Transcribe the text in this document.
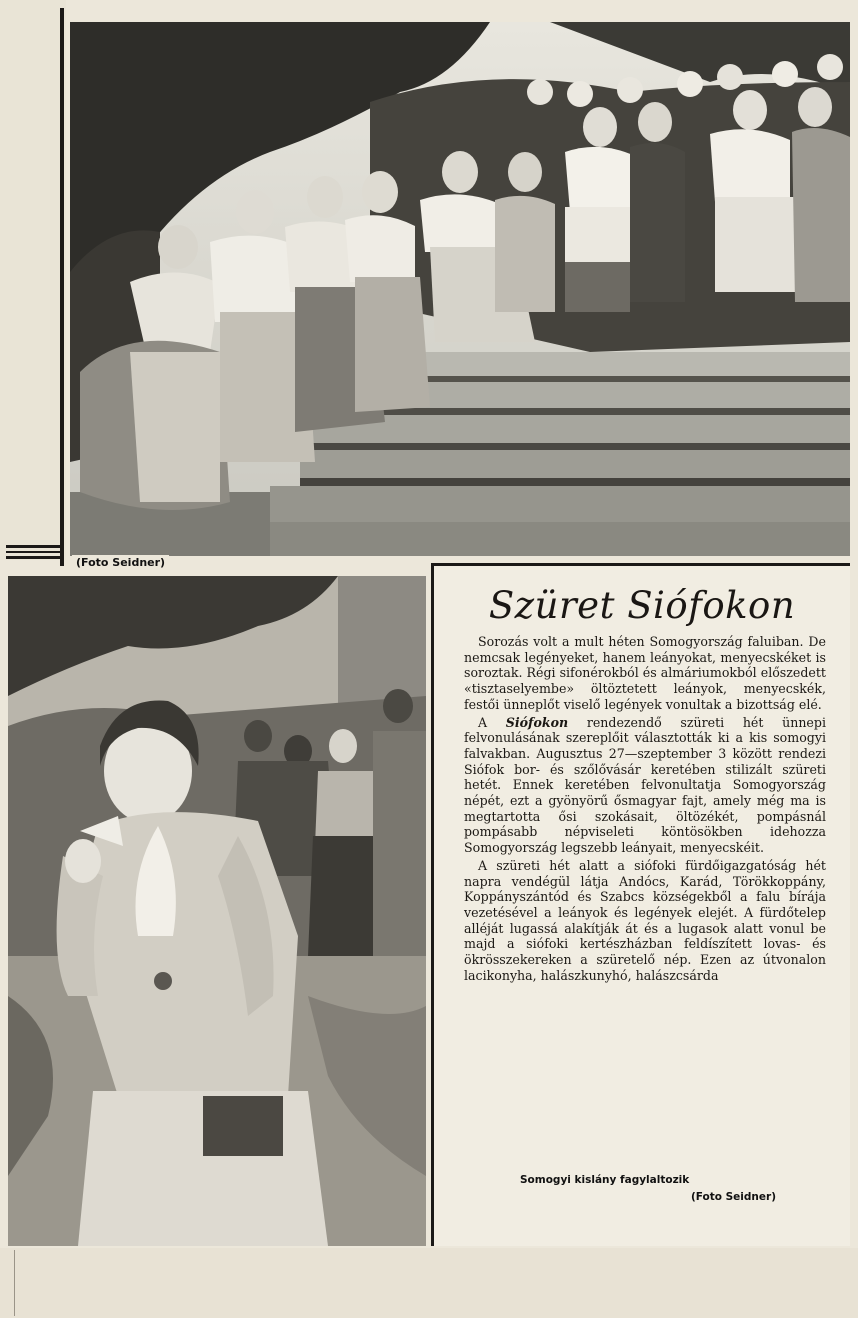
(Foto Seidner)
Szüret Siófokon

Sorozás volt a mult héten Somogyország faluiban. De nemcsak legényeket, hanem leányokat, menyecskéket is soroztak. Régi sifonérokból és almáriumokból előszedett «tisztaselyembe» öltöztetett leányok, menyecskék, festői ünneplőt viselő legények vonultak a bizottság elé.

A Siófokon rendezendő szüreti hét ünnepi felvonulásának szereplőit választották ki a kis somogyi falvakban. Augusztus 27—szeptember 3 között rendezi Siófok bor- és szőlővásár keretében stilizált szüreti hetét. Ennek keretében felvonultatja Somogyország népét, ezt a gyönyörű ősmagyar fajt, amely még ma is megtartotta ősi szokásait, öltözékét, pompásnál pompásabb népviseleti köntösökben idehozza Somogyország legszebb leányait, menyecskéit.

A szüreti hét alatt a siófoki fürdőigazgatóság hét napra vendégül látja Andócs, Karád, Törökkoppány, Koppányszántód és Szabcs községekből a falu bírája vezetésével a leányok és legények elejét. A fürdőtelep alléját lugassá alakítják át és a lugasok alatt vonul be majd a siófoki kertészházban feldíszített lovas- és ökrösszekereken a szüretelő nép. Ezen az útvonalon lacikonyha, halászkunyhó, halászcsárda

Somogyi kislány fagylaltozik
(Foto Seidner)
